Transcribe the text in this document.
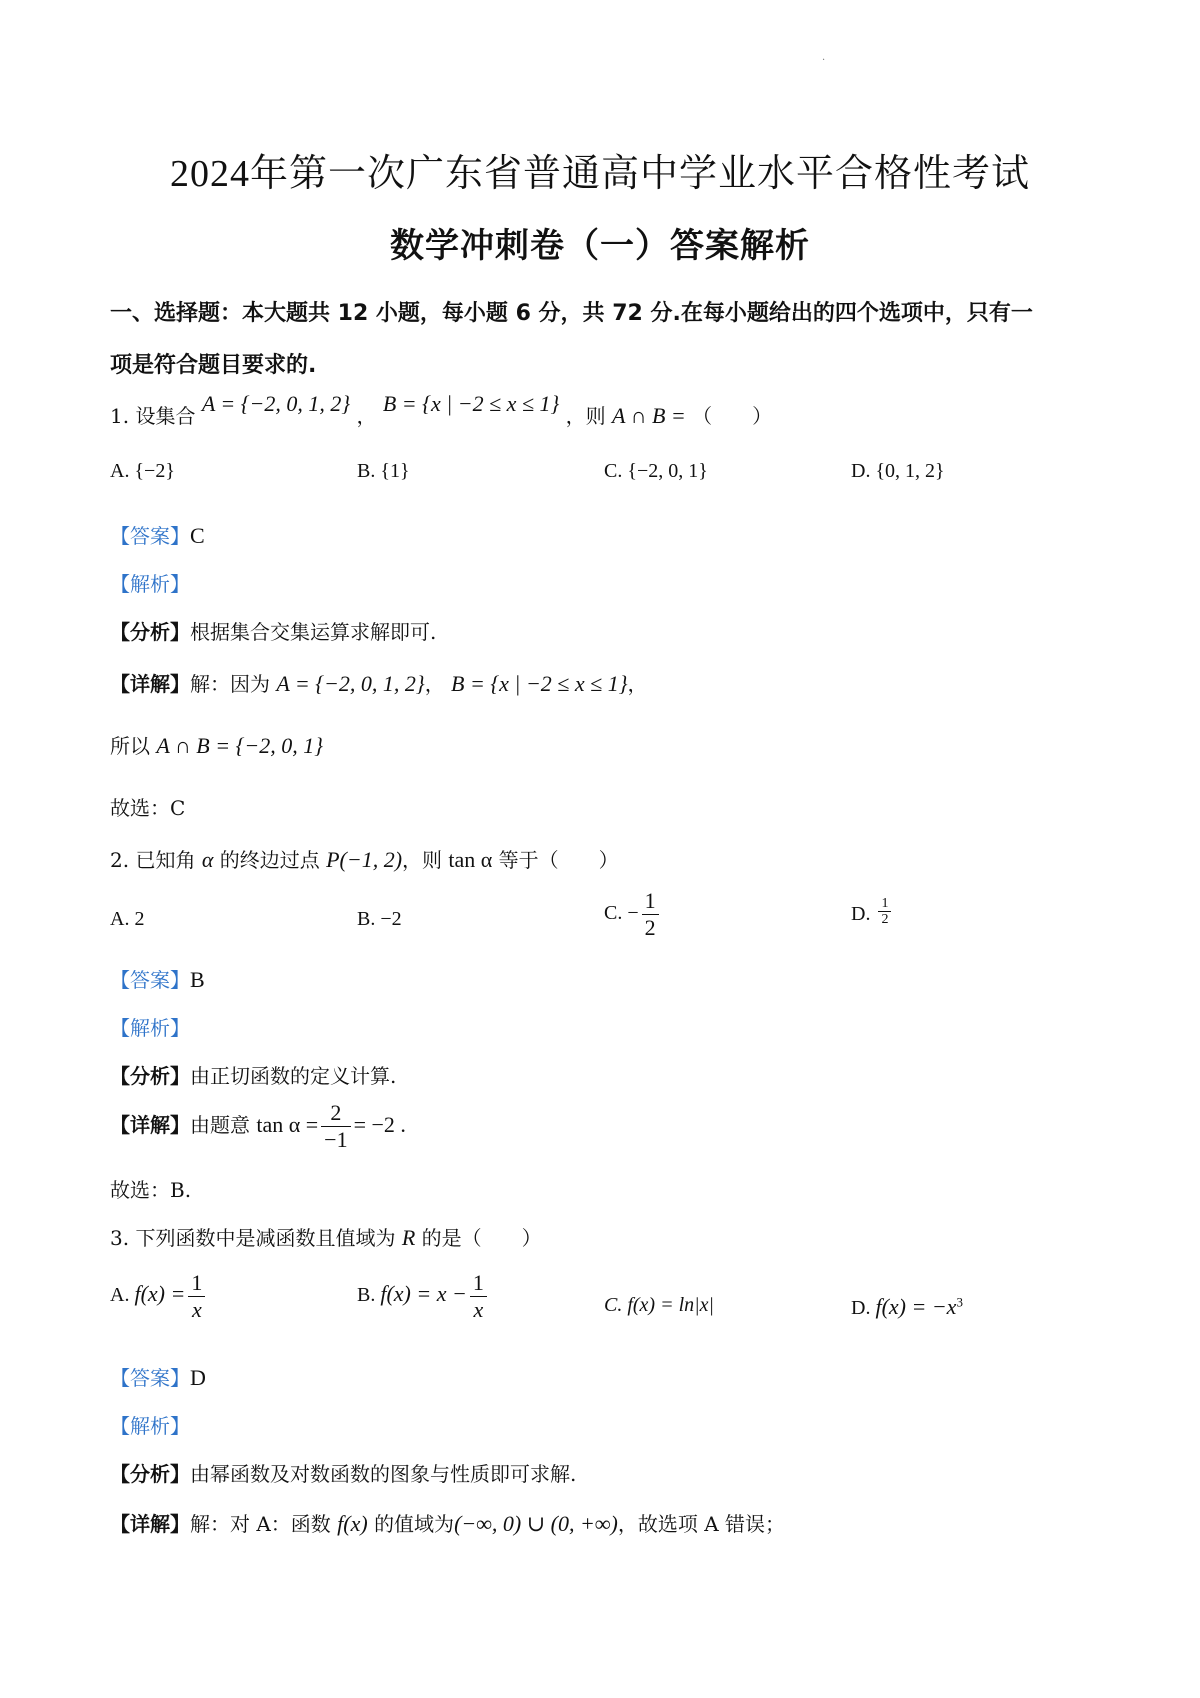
.
2024年第一次广东省普通高中学业水平合格性考试
数学冲刺卷（一）答案解析
一、选择题：本大题共 12 小题，每小题 6 分，共 72 分.在每小题给出的四个选项中，只有一
项是符合题目要求的.
1. 设集合 A = {−2, 0, 1, 2} ， B = {x | −2 ≤ x ≤ 1} ，则 A ∩ B = （　　）
A. {−2}	B. {1}	C. {−2, 0, 1}	D. {0, 1, 2}
【答案】C
【解析】
【分析】根据集合交集运算求解即可.
【详解】解：因为 A = {−2, 0, 1, 2}， B = {x | −2 ≤ x ≤ 1}，
所以 A ∩ B = {−2, 0, 1}
故选：C
2. 已知角 α 的终边过点 P(−1, 2)，则 tan α 等于（　　）
A. 2	B. −2	C. − $\frac{1}{2}$	D. $\frac{1}{2}$
【答案】B
【解析】
【分析】由正切函数的定义计算.
【详解】由题意 $\tan \alpha = \frac{2}{-1} = -2$ .
故选：B.
3. 下列函数中是减函数且值域为 R 的是（　　）
A. $f(x) = \frac{1}{x}$	B. $f(x) = x - \frac{1}{x}$	C. f(x) = ln|x|	D. $f(x) = -x^3$
【答案】D
【解析】
【分析】由幂函数及对数函数的图象与性质即可求解.
【详解】解：对 A：函数 f(x) 的值域为(−∞, 0) ∪ (0, +∞)，故选项 A 错误；
